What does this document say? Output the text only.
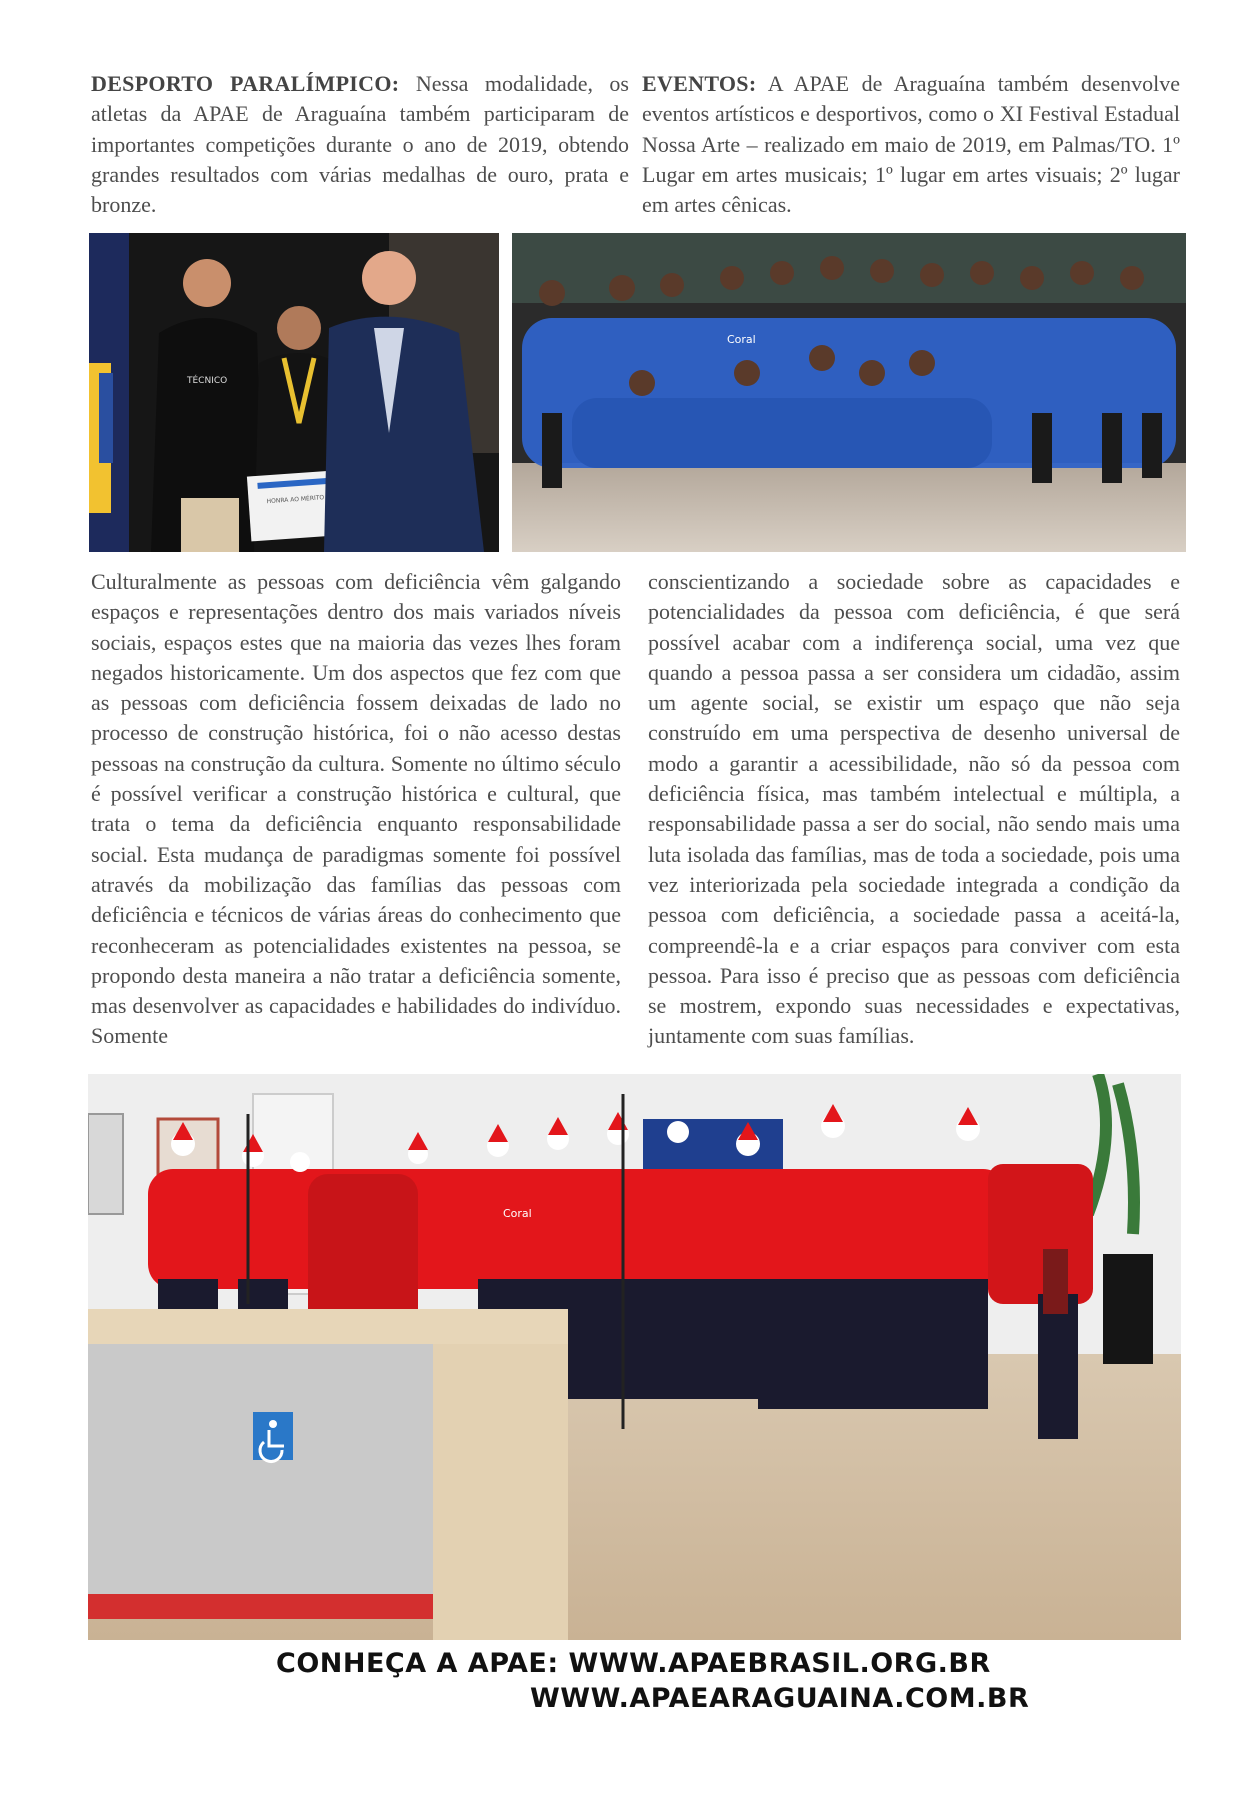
DESPORTO PARALÍMPICO: Nessa modalidade, os atletas da APAE de Araguaína também participaram de importantes competições durante o ano de 2019, obtendo grandes resultados com várias medalhas de ouro, prata e bronze.

EVENTOS: A APAE de Araguaína também desenvolve eventos artísticos e desportivos, como o XI Festival Estadual Nossa Arte – realizado em maio de 2019, em Palmas/TO. 1º Lugar em artes musicais; 1º lugar em artes visuais; 2º lugar em artes cênicas.

TÉCNICO
HONRA AO MÉRITO
Coral

Culturalmente as pessoas com deficiência vêm galgando espaços e representações dentro dos mais variados níveis sociais, espaços estes que na maioria das vezes lhes foram negados historicamente. Um dos aspectos que fez com que as pessoas com deficiência fossem deixadas de lado no processo de construção histórica, foi o não acesso destas pessoas na construção da cultura. Somente no último século é possível verificar a construção histórica e cultural, que trata o tema da deficiência enquanto responsabilidade social. Esta mudança de paradigmas somente foi possível através da mobilização das famílias das pessoas com deficiência e técnicos de várias áreas do conhecimento que reconheceram as potencialidades existentes na pessoa, se propondo desta maneira a não tratar a deficiência somente, mas desenvolver as capacidades e habilidades do indivíduo. Somente

conscientizando a sociedade sobre as capacidades e potencialidades da pessoa com deficiência, é que será possível acabar com a indiferença social, uma vez que quando a pessoa passa a ser considera um cidadão, assim um agente social, se existir um espaço que não seja construído em uma perspectiva de desenho universal de modo a garantir a acessibilidade, não só da pessoa com deficiência física, mas também intelectual e múltipla, a responsabilidade passa a ser do social, não sendo mais uma luta isolada das famílias, mas de toda a sociedade, pois uma vez interiorizada pela sociedade integrada a condição da pessoa com deficiência, a sociedade passa a aceitá-la, compreendê-la e a criar espaços para conviver com esta pessoa. Para isso é preciso que as pessoas com deficiência se mostrem, expondo suas necessidades e expectativas, juntamente com suas famílias.

Coral
CONHEÇA A APAE: WWW.APAEBRASIL.ORG.BR
WWW.APAEARAGUAINA.COM.BR
